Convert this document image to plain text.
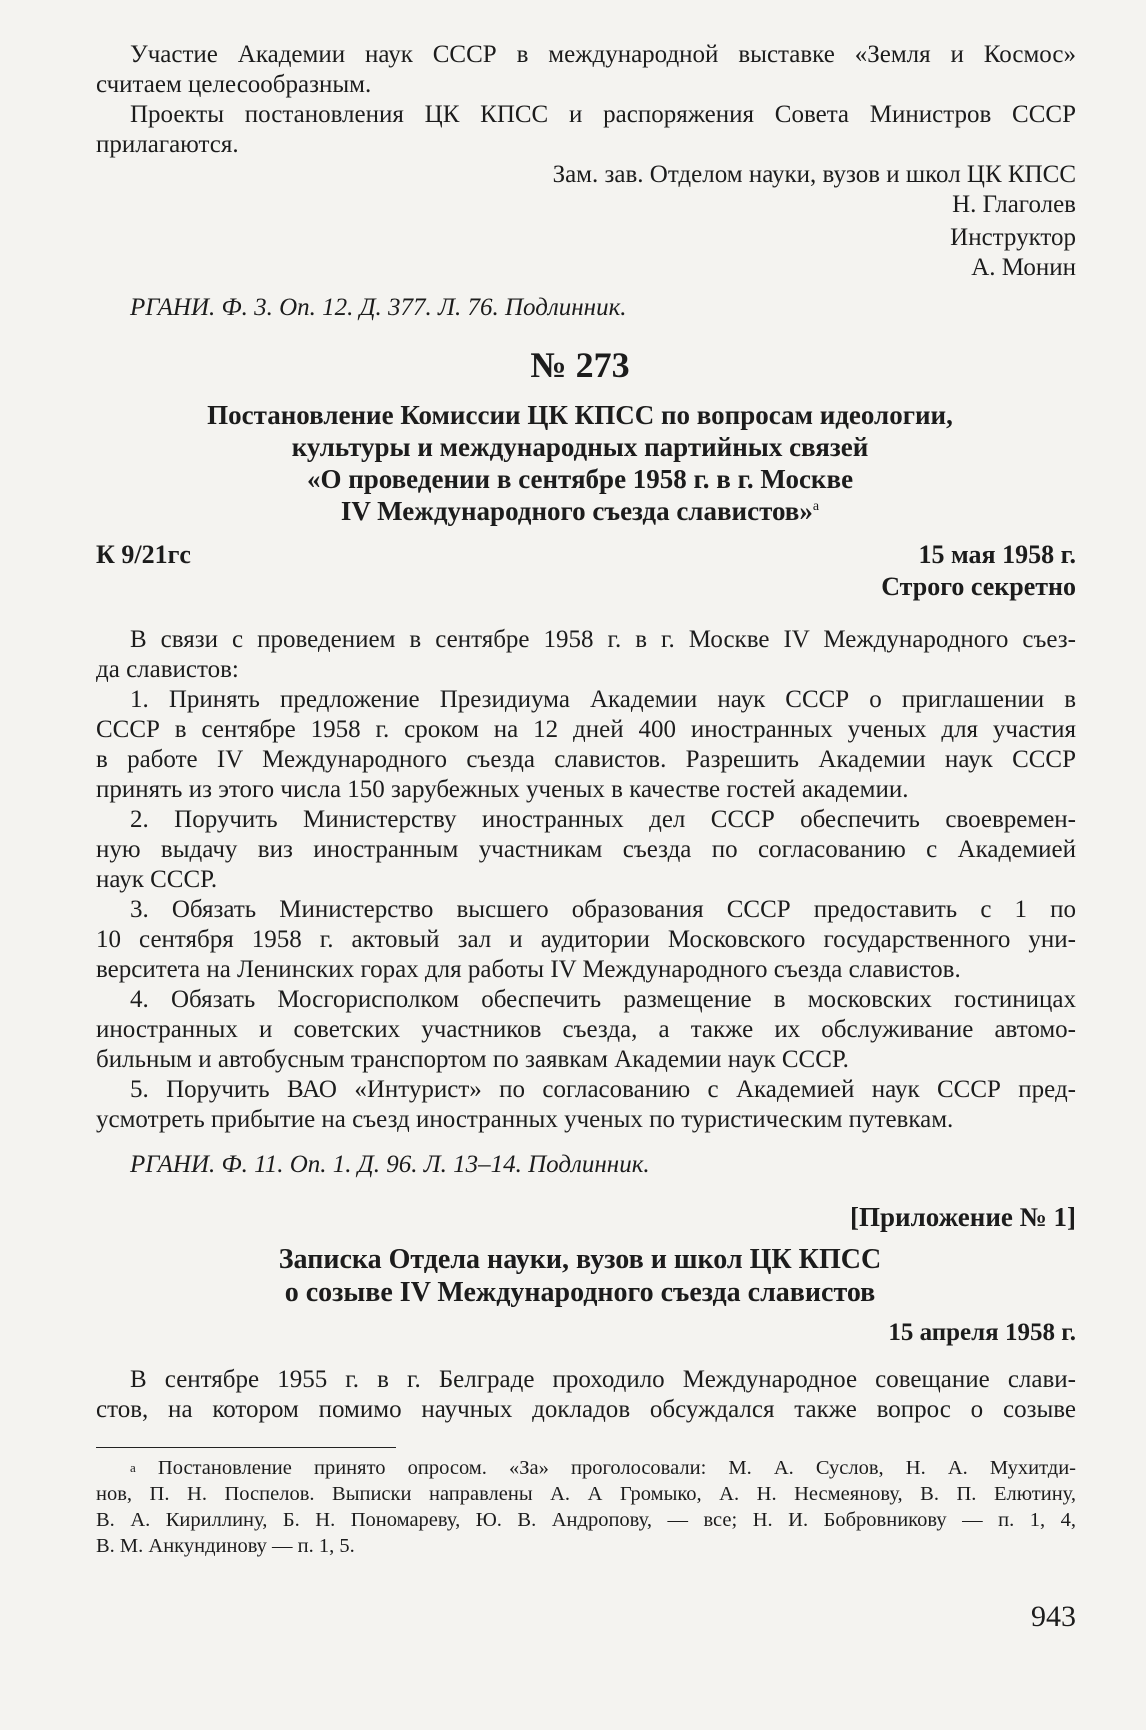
Участие Академии наук СССР в международной выставке «Земля и Космос»
считаем целесообразным.
Проекты постановления ЦК КПСС и распоряжения Совета Министров СССР
прилагаются.
Зам. зав. Отделом науки, вузов и школ ЦК КПСС
Н. Глаголев
Инструктор
А. Монин
РГАНИ. Ф. 3. Оп. 12. Д. 377. Л. 76. Подлинник.
№ 273
Постановление Комиссии ЦК КПСС по вопросам идеологии,
культуры и международных партийных связей
«О проведении в сентябре 1958 г. в г. Москве
IV Международного съезда славистов»$^a$
К 9/21гс	15 мая 1958 г.
Строго секретно
В связи с проведением в сентябре 1958 г. в г. Москве IV Международного съез-
да славистов:
1. Принять предложение Президиума Академии наук СССР о приглашении в
СССР в сентябре 1958 г. сроком на 12 дней 400 иностранных ученых для участия
в работе IV Международного съезда славистов. Разрешить Академии наук СССР
принять из этого числа 150 зарубежных ученых в качестве гостей академии.
2. Поручить Министерству иностранных дел СССР обеспечить своевремен-
ную выдачу виз иностранным участникам съезда по согласованию с Академией
наук СССР.
3. Обязать Министерство высшего образования СССР предоставить с 1 по
10 сентября 1958 г. актовый зал и аудитории Московского государственного уни-
верситета на Ленинских горах для работы IV Международного съезда славистов.
4. Обязать Мосгорисполком обеспечить размещение в московских гостиницах
иностранных и советских участников съезда, а также их обслуживание автомо-
бильным и автобусным транспортом по заявкам Академии наук СССР.
5. Поручить ВАО «Интурист» по согласованию с Академией наук СССР пред-
усмотреть прибытие на съезд иностранных ученых по туристическим путевкам.
РГАНИ. Ф. 11. Оп. 1. Д. 96. Л. 13–14. Подлинник.
[Приложение № 1]
Записка Отдела науки, вузов и школ ЦК КПСС
о созыве IV Международного съезда славистов
15 апреля 1958 г.
В сентябре 1955 г. в г. Белграде проходило Международное совещание слави-
стов, на котором помимо научных докладов обсуждался также вопрос о созыве
$^a$ Постановление принято опросом. «За» проголосовали: М. А. Суслов, Н. А. Мухитди-
нов, П. Н. Поспелов. Выписки направлены А. А Громыко, А. Н. Несмеянову, В. П. Елютину,
В. А. Кириллину, Б. Н. Пономареву, Ю. В. Андропову, — все; Н. И. Бобровникову — п. 1, 4,
В. М. Анкундинову — п. 1, 5.
943
